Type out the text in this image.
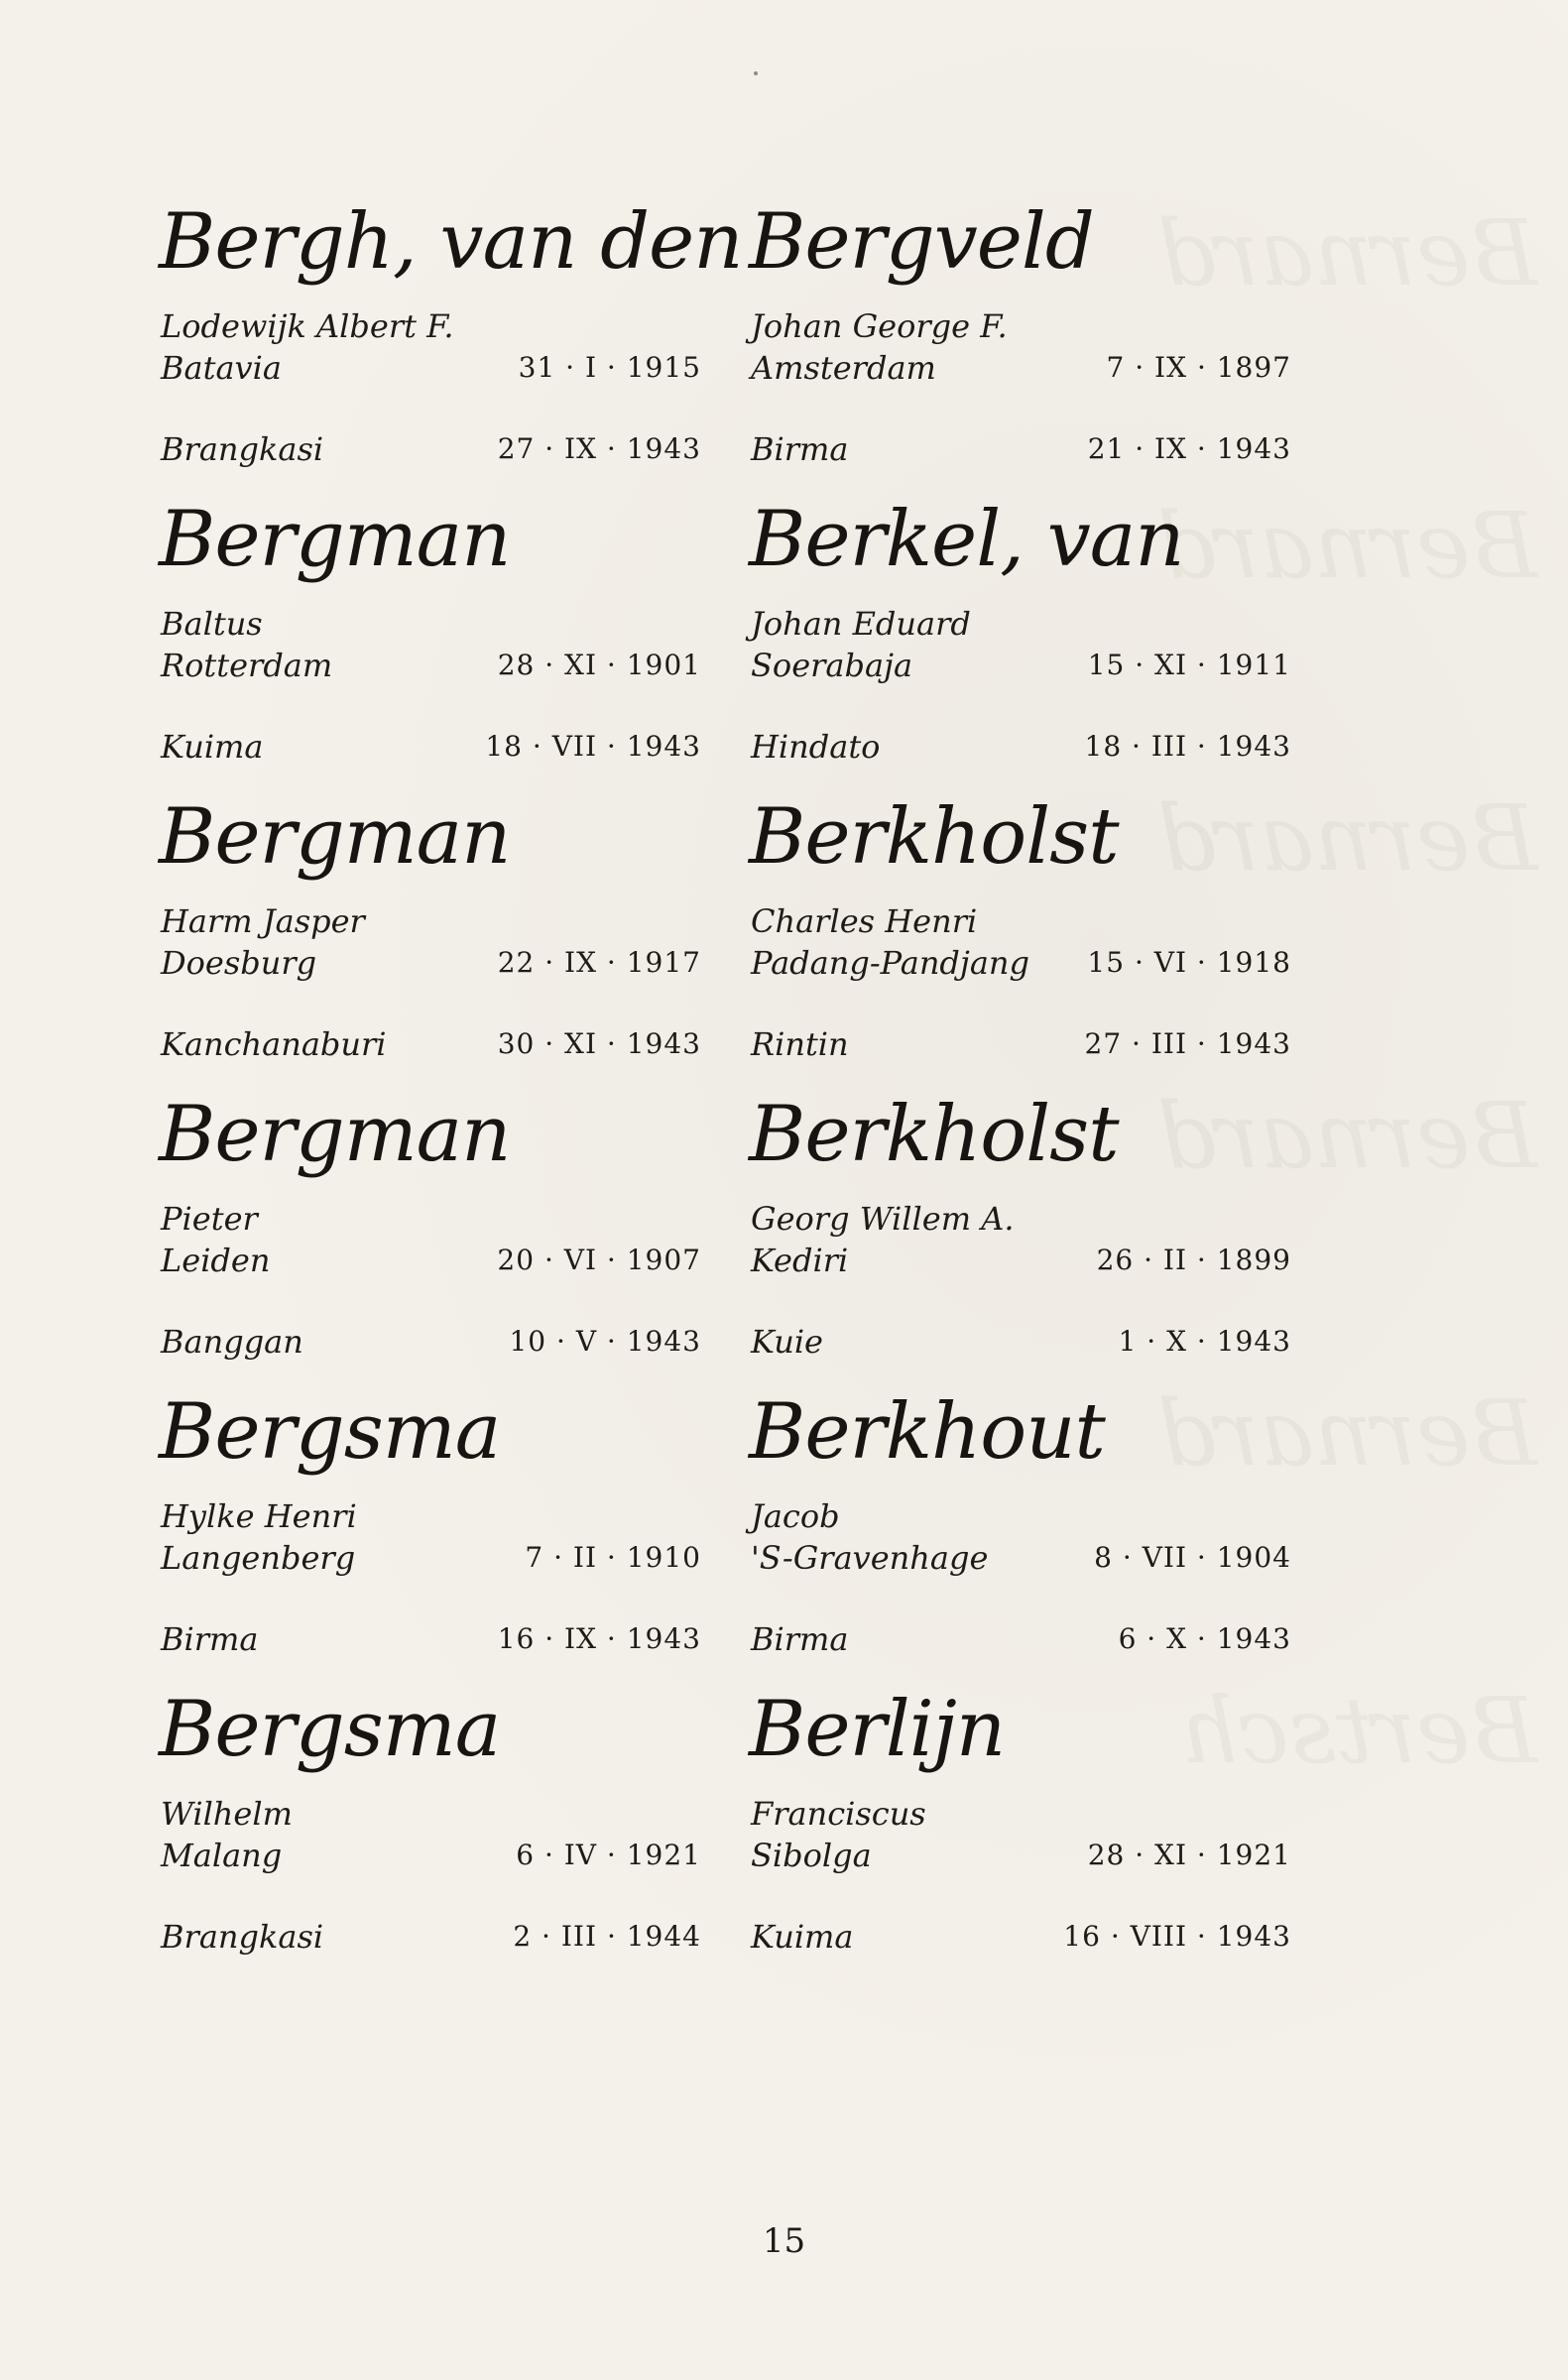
Bernard
Bernard
Bernard
Bernard
Bernard
Bertsch
Bergh, van den
Lodewijk Albert F.
Batavia	31 · I · 1915
Brangkasi	27 · IX · 1943
Bergman
Baltus
Rotterdam	28 · XI · 1901
Kuima	18 · VII · 1943
Bergman
Harm Jasper
Doesburg	22 · IX · 1917
Kanchanaburi	30 · XI · 1943
Bergman
Pieter
Leiden	20 · VI · 1907
Banggan	10 · V · 1943
Bergsma
Hylke Henri
Langenberg	7 · II · 1910
Birma	16 · IX · 1943
Bergsma
Wilhelm
Malang	6 · IV · 1921
Brangkasi	2 · III · 1944
Bergveld
Johan George F.
Amsterdam	7 · IX · 1897
Birma	21 · IX · 1943
Berkel, van
Johan Eduard
Soerabaja	15 · XI · 1911
Hindato	18 · III · 1943
Berkholst
Charles Henri
Padang-Pandjang 15 · VI · 1918
Rintin	27 · III · 1943
Berkholst
Georg Willem A.
Kediri	26 · II · 1899
Kuie	1 · X · 1943
Berkhout
Jacob
'S-Gravenhage	8 · VII · 1904
Birma	6 · X · 1943
Berlijn
Franciscus
Sibolga	28 · XI · 1921
Kuima	16 · VIII · 1943
15
